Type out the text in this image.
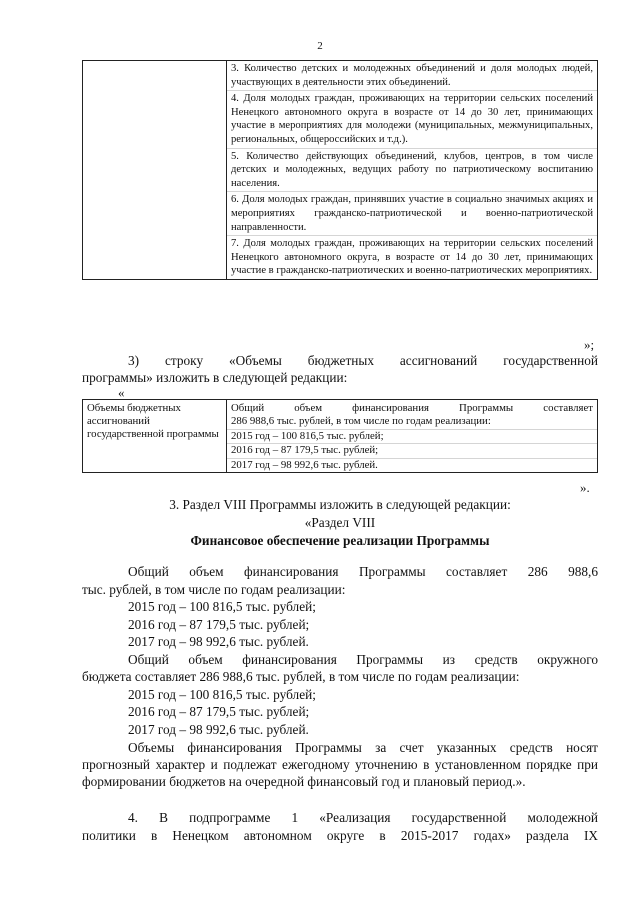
2
3. Количество детских и молодежных объединений и доля молодых людей, участвующих в деятельности этих объединений.
4. Доля молодых граждан, проживающих на территории сельских поселений Ненецкого автономного округа в возрасте от 14 до 30 лет, принимающих участие в мероприятиях для молодежи (муниципальных, межмуниципальных, региональных, общероссийских и т.д.).
5. Количество действующих объединений, клубов, центров, в том числе детских и молодежных, ведущих работу по патриотическому воспитанию населения.
6. Доля молодых граждан, принявших участие в социально значимых акциях и мероприятиях гражданско-патриотической и военно-патриотической направленности.
7. Доля молодых граждан, проживающих на территории сельских поселений Ненецкого автономного округа, в возрасте от 14 до 30 лет, принимающих участие в гражданско-патриотических и военно-патриотических мероприятиях.
»;
3) строку «Объемы бюджетных ассигнований государственной
программы» изложить в следующей редакции:
«
Объемы бюджетных ассигнований государственной программы
Общий объем финансирования Программы составляет
286 988,6 тыс. рублей, в том числе по годам реализации:
2015 год – 100 816,5 тыс. рублей;
2016 год – 87 179,5 тыс. рублей;
2017 год – 98 992,6 тыс. рублей.
».
3. Раздел VIII Программы изложить в следующей редакции:
«Раздел VIII
Финансовое обеспечение реализации Программы
Общий объем финансирования Программы составляет 286 988,6
тыс. рублей, в том числе по годам реализации:
2015 год – 100 816,5 тыс. рублей;
2016 год – 87 179,5 тыс. рублей;
2017 год – 98 992,6 тыс. рублей.
Общий объем финансирования Программы из средств окружного
бюджета составляет 286 988,6 тыс. рублей, в том числе по годам реализации:
2015 год – 100 816,5 тыс. рублей;
2016 год – 87 179,5 тыс. рублей;
2017 год – 98 992,6 тыс. рублей.
Объемы финансирования Программы за счет указанных средств носят прогнозный характер и подлежат ежегодному уточнению в установленном порядке при формировании бюджетов на очередной финансовый год и плановый период.».
4. В подпрограмме 1 «Реализация государственной молодежной
политики в Ненецком автономном округе в 2015-2017 годах» раздела IX
